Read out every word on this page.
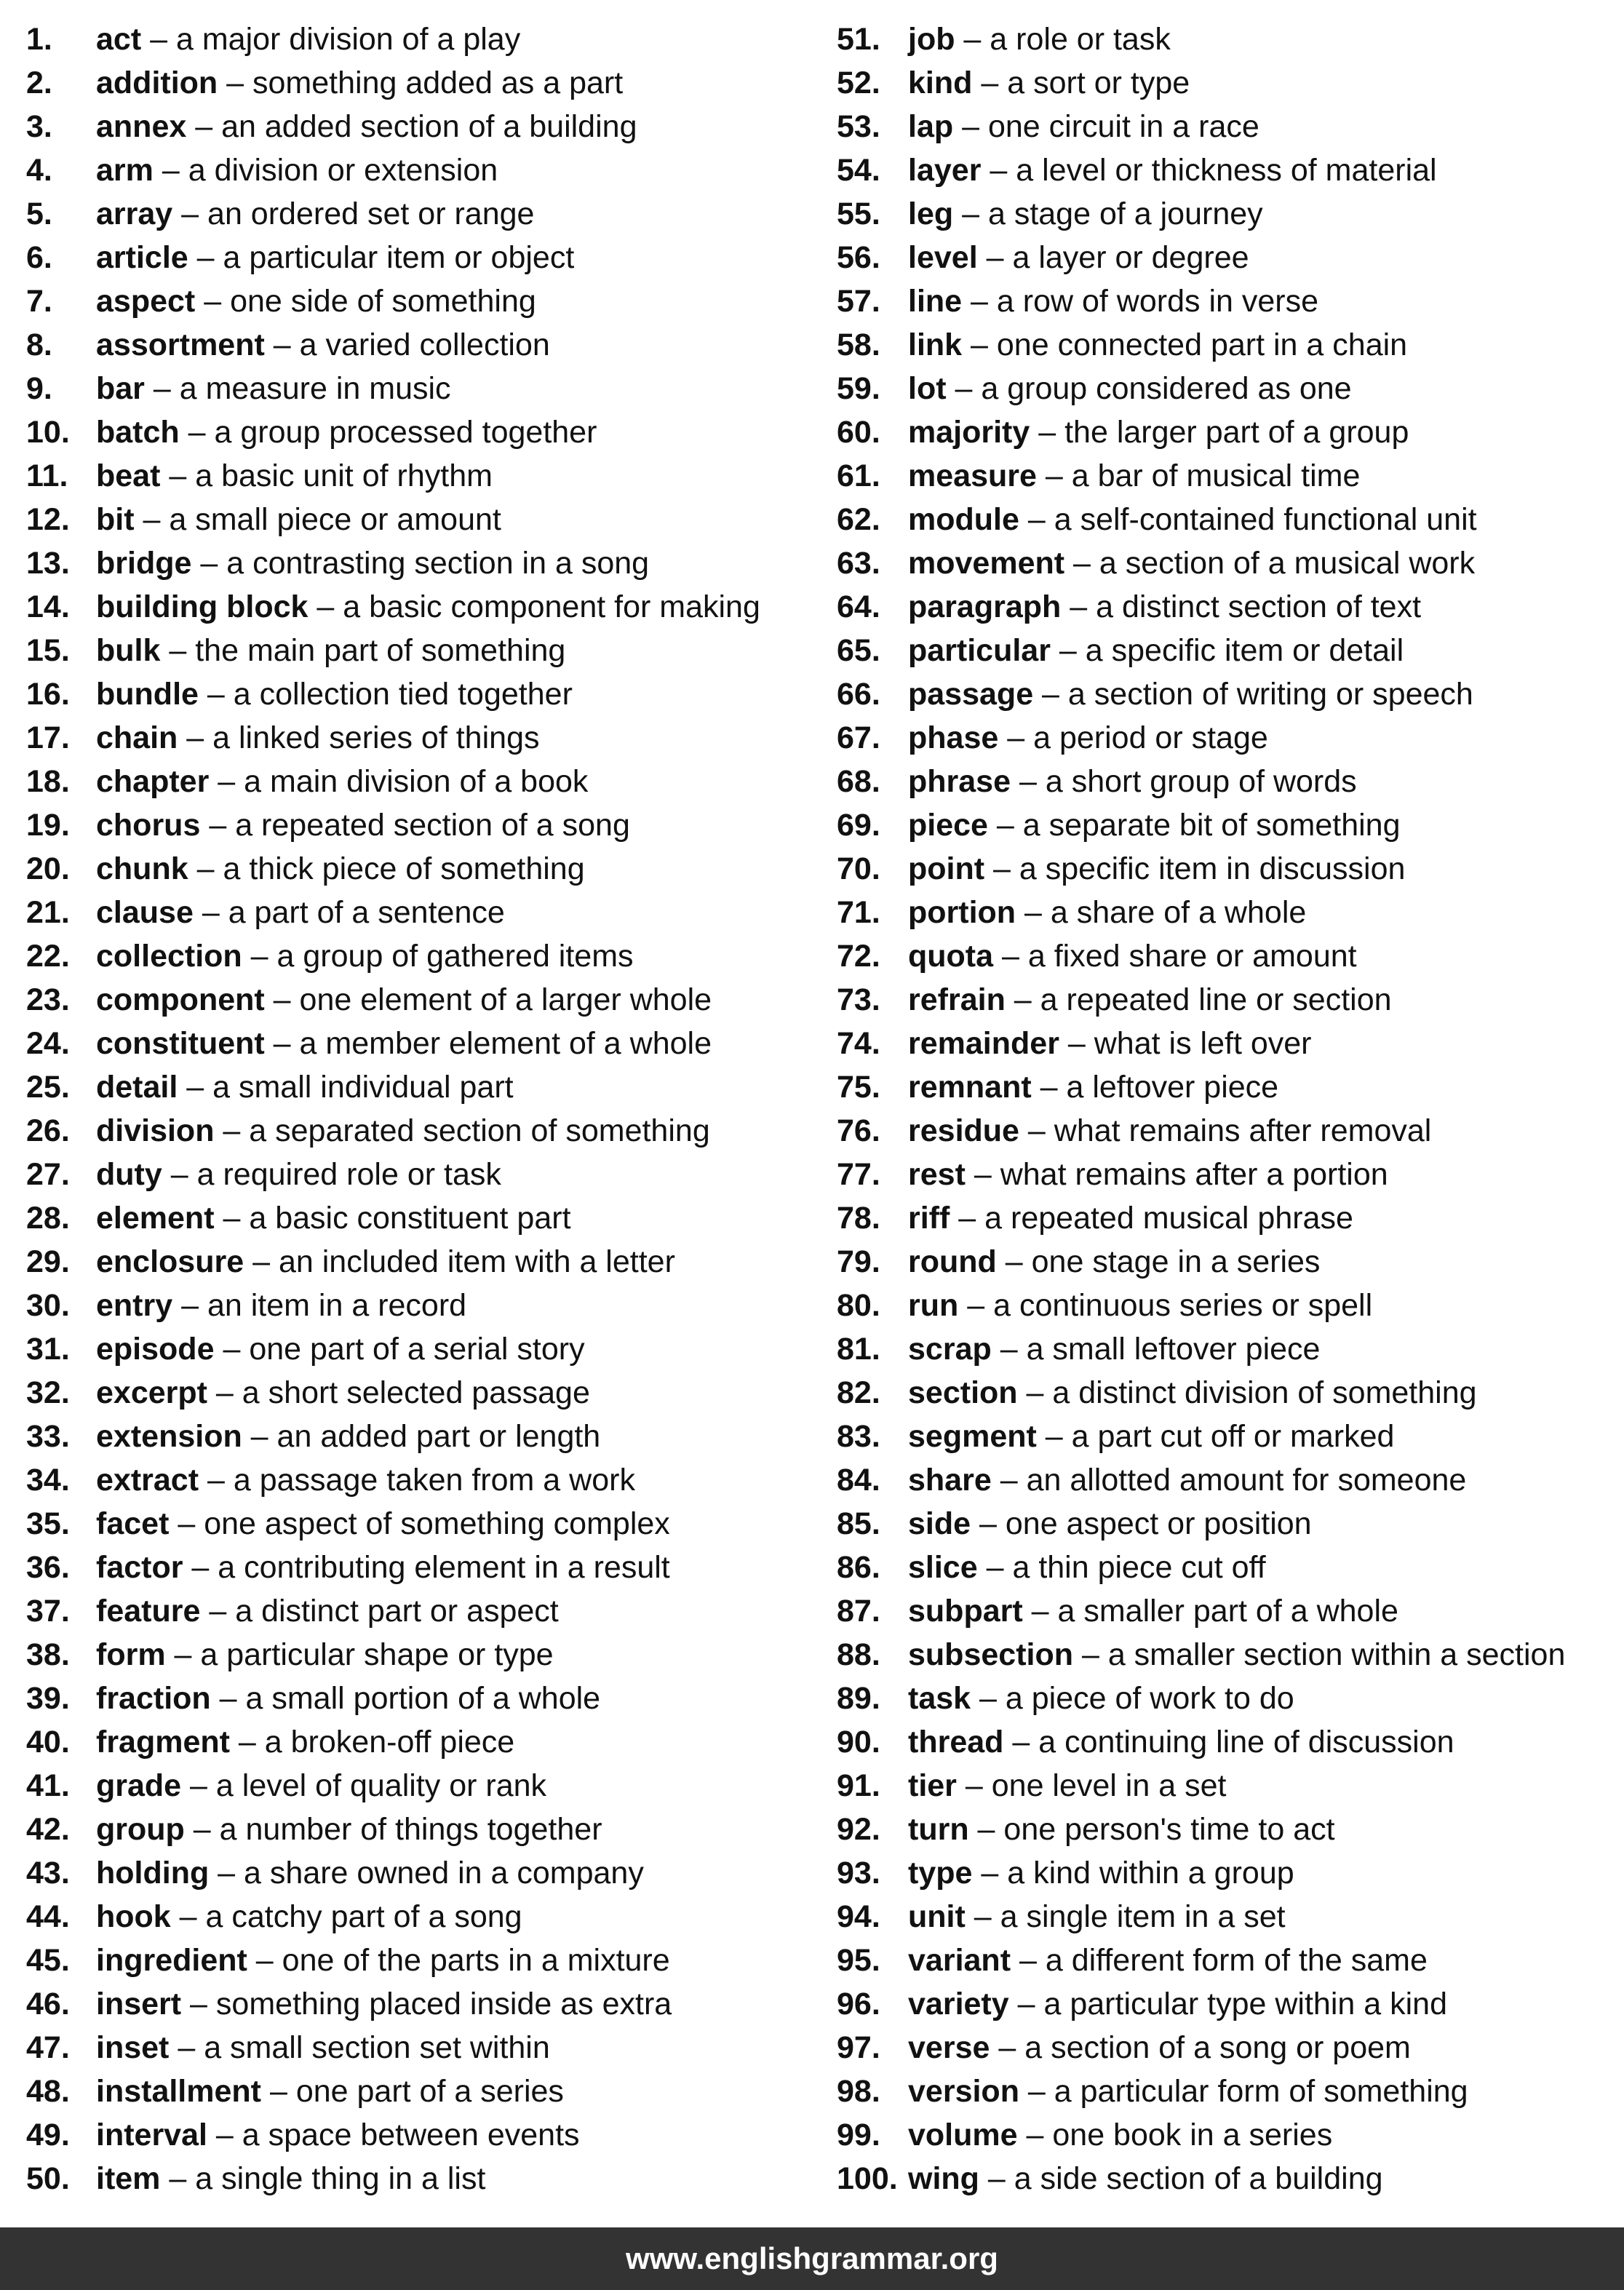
1.	act – a major division of a play
2.	addition – something added as a part
3.	annex – an added section of a building
4.	arm – a division or extension
5.	array – an ordered set or range
6.	article – a particular item or object
7.	aspect – one side of something
8.	assortment – a varied collection
9.	bar – a measure in music
10. batch – a group processed together
11. beat – a basic unit of rhythm
12. bit – a small piece or amount
13. bridge – a contrasting section in a song
14. building block – a basic component for making
15. bulk – the main part of something
16. bundle – a collection tied together
17. chain – a linked series of things
18. chapter – a main division of a book
19. chorus – a repeated section of a song
20. chunk – a thick piece of something
21. clause – a part of a sentence
22. collection – a group of gathered items
23. component – one element of a larger whole
24. constituent – a member element of a whole
25. detail – a small individual part
26. division – a separated section of something
27. duty – a required role or task
28. element – a basic constituent part
29. enclosure – an included item with a letter
30. entry – an item in a record
31. episode – one part of a serial story
32. excerpt – a short selected passage
33. extension – an added part or length
34. extract – a passage taken from a work
35. facet – one aspect of something complex
36. factor – a contributing element in a result
37. feature – a distinct part or aspect
38. form – a particular shape or type
39. fraction – a small portion of a whole
40. fragment – a broken-off piece
41. grade – a level of quality or rank
42. group – a number of things together
43. holding – a share owned in a company
44. hook – a catchy part of a song
45. ingredient – one of the parts in a mixture
46. insert – something placed inside as extra
47. inset – a small section set within
48. installment – one part of a series
49. interval – a space between events
50. item – a single thing in a list
51. job – a role or task
52. kind – a sort or type
53. lap – one circuit in a race
54. layer – a level or thickness of material
55. leg – a stage of a journey
56. level – a layer or degree
57. line – a row of words in verse
58. link – one connected part in a chain
59. lot – a group considered as one
60. majority – the larger part of a group
61. measure – a bar of musical time
62. module – a self-contained functional unit
63. movement – a section of a musical work
64. paragraph – a distinct section of text
65. particular – a specific item or detail
66. passage – a section of writing or speech
67. phase – a period or stage
68. phrase – a short group of words
69. piece – a separate bit of something
70. point – a specific item in discussion
71. portion – a share of a whole
72. quota – a fixed share or amount
73. refrain – a repeated line or section
74. remainder – what is left over
75. remnant – a leftover piece
76. residue – what remains after removal
77. rest – what remains after a portion
78. riff – a repeated musical phrase
79. round – one stage in a series
80. run – a continuous series or spell
81. scrap – a small leftover piece
82. section – a distinct division of something
83. segment – a part cut off or marked
84. share – an allotted amount for someone
85. side – one aspect or position
86. slice – a thin piece cut off
87. subpart – a smaller part of a whole
88. subsection – a smaller section within a section
89. task – a piece of work to do
90. thread – a continuing line of discussion
91. tier – one level in a set
92. turn – one person's time to act
93. type – a kind within a group
94. unit – a single item in a set
95. variant – a different form of the same
96. variety – a particular type within a kind
97. verse – a section of a song or poem
98. version – a particular form of something
99. volume – one book in a series
100. wing – a side section of a building
www.englishgrammar.org
